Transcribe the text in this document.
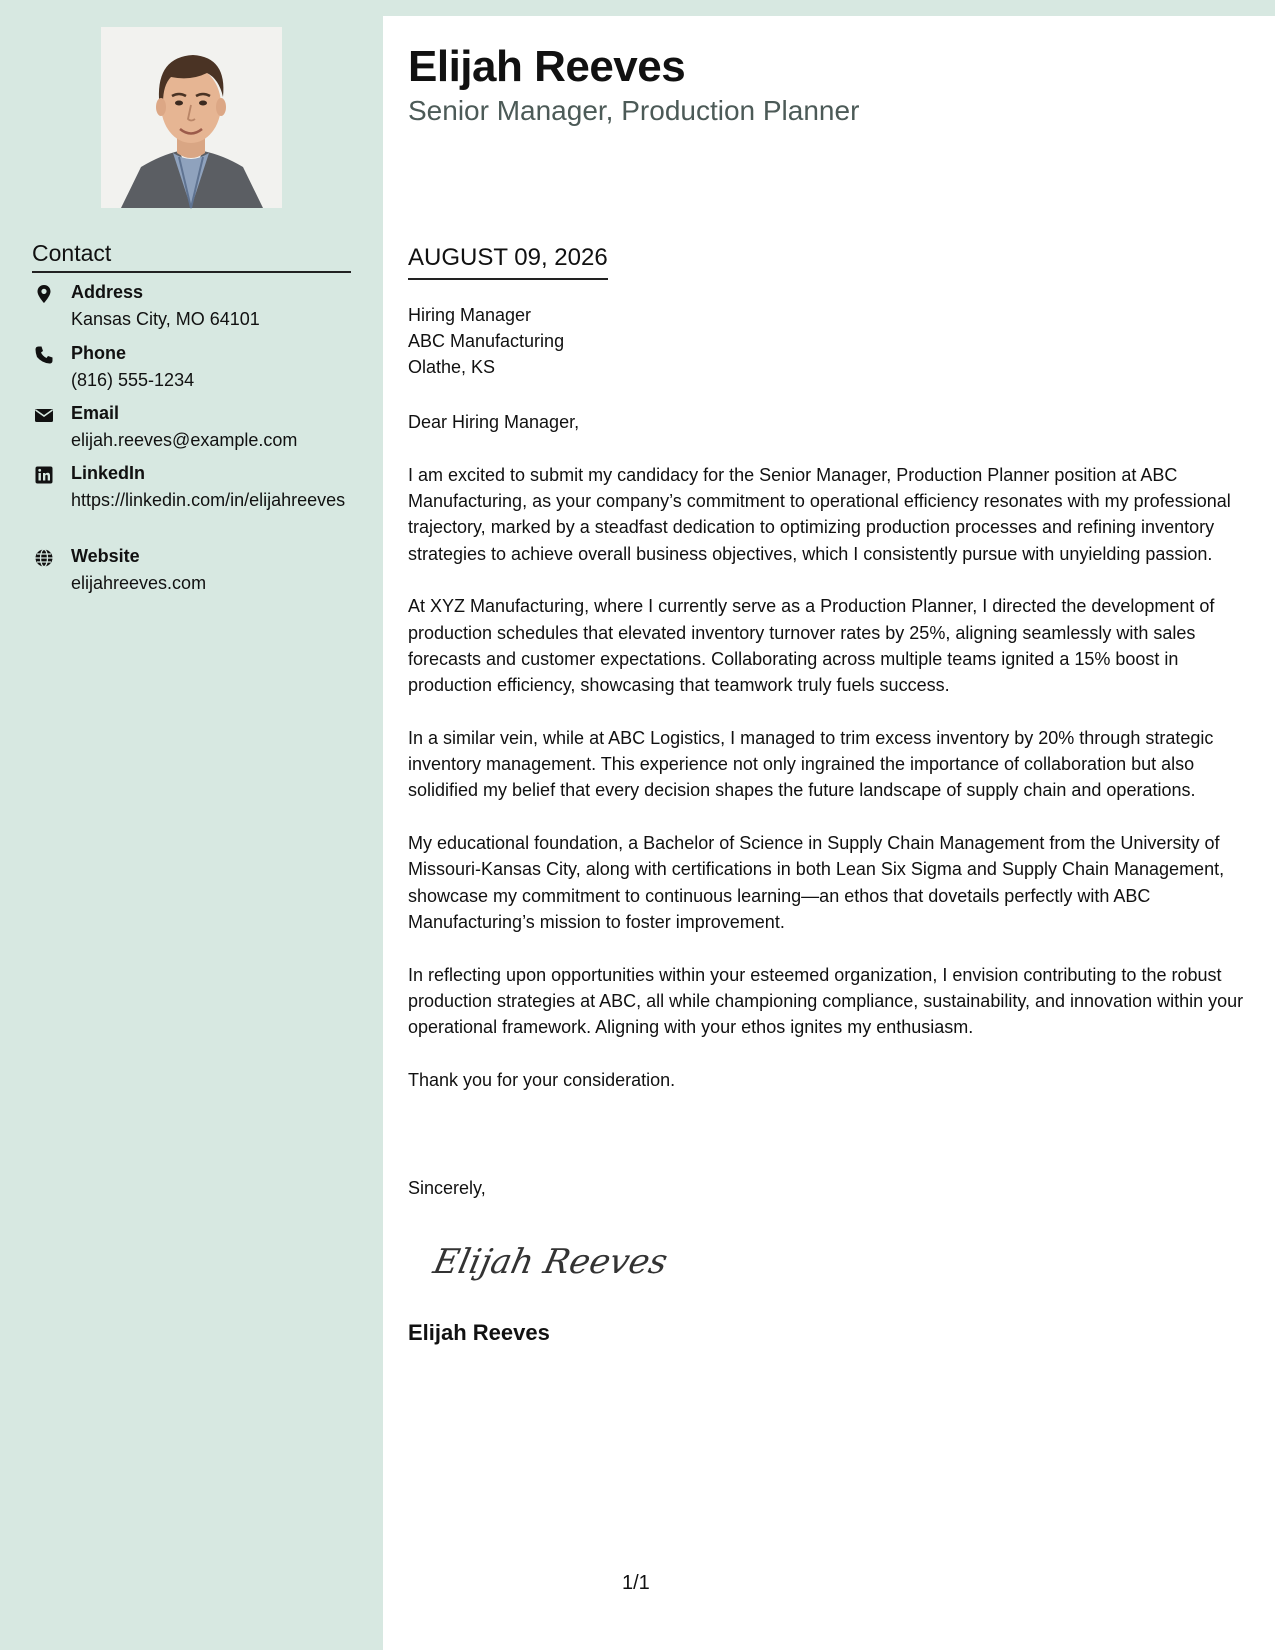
Contact
Address
Kansas City, MO 64101
Phone
(816) 555-1234
Email
elijah.reeves@example.com
LinkedIn
https://linkedin.com/in/elijahreeves
Website
elijahreeves.com
Elijah Reeves
Senior Manager, Production Planner
AUGUST 09, 2026
Hiring Manager
ABC Manufacturing
Olathe, KS

Dear Hiring Manager,

I am excited to submit my candidacy for the Senior Manager, Production Planner position at ABC Manufacturing, as your company’s commitment to operational efficiency resonates with my professional trajectory, marked by a steadfast dedication to optimizing production processes and refining inventory strategies to achieve overall business objectives, which I consistently pursue with unyielding passion.

At XYZ Manufacturing, where I currently serve as a Production Planner, I directed the development of production schedules that elevated inventory turnover rates by 25%, aligning seamlessly with sales forecasts and customer expectations. Collaborating across multiple teams ignited a 15% boost in production efficiency, showcasing that teamwork truly fuels success.

In a similar vein, while at ABC Logistics, I managed to trim excess inventory by 20% through strategic inventory management. This experience not only ingrained the importance of collaboration but also solidified my belief that every decision shapes the future landscape of supply chain and operations.

My educational foundation, a Bachelor of Science in Supply Chain Management from the University of Missouri-Kansas City, along with certifications in both Lean Six Sigma and Supply Chain Management, showcase my commitment to continuous learning—an ethos that dovetails perfectly with ABC Manufacturing’s mission to foster improvement.

In reflecting upon opportunities within your esteemed organization, I envision contributing to the robust production strategies at ABC, all while championing compliance, sustainability, and innovation within your operational framework. Aligning with your ethos ignites my enthusiasm.

Thank you for your consideration.

Sincerely,
Elijah Reeves
Elijah Reeves
1/1
